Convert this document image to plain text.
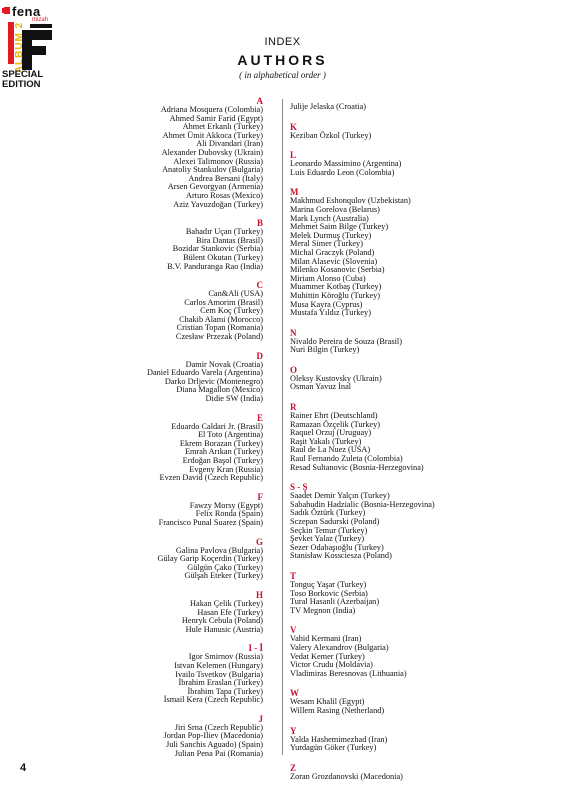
fena
mizah
ALBUM 2
SPECIAL
EDITION
INDEX
AUTHORS
( in alphabetical order )
A
Adriana Mosquera (Colombia)
Ahmed Samir Farid (Egypt)
Ahmet Erkanlı (Turkey)
Ahmet Ümit Akkoca (Turkey)
Ali Divandari (Iran)
Alexander Dubovsky (Ukrain)
Alexei Talimonov (Russia)
Anatoliy Stankulov (Bulgaria)
Andrea Bersani (Italy)
Arsen Gevorgyan (Armenia)
Arturo Rosas (Mexico)
Aziz Yavuzdoğan (Turkey)
B
Bahadır Uçan (Turkey)
Bira Dantas (Brasil)
Bozidar Stankovic (Serbia)
Bülent Okutan (Turkey)
B.V. Panduranga Rao (India)
C
Can&Ali (USA)
Carlos Amorim (Brasil)
Cem Koç (Turkey)
Chakib Alami (Morocco)
Cristian Topan (Romania)
Czesław Przezak (Poland)
D
Damir Novak (Croatia)
Daniel Eduardo Varela (Argentina)
Darko Drljevic (Montenegro)
Diana Magallon (Mexico)
Didie SW (India)
E
Eduardo Caldari Jr. (Brasil)
El Toto (Argentina)
Ekrem Borazan (Turkey)
Emrah Arıkan (Turkey)
Erdoğan Başol (Turkey)
Evgeny Kran (Russia)
Evzen David (Czech Republic)
F
Fawzy Morsy (Egypt)
Felix Ronda (Spain)
Francisco Punal Suarez (Spain)
G
Galina Pavlova (Bulgaria)
Gülay Garip Koçerdin (Turkey)
Gülgün Çako (Turkey)
Gülşah Etеker (Turkey)
H
Hakan Çelik (Turkey)
Hasan Efe (Turkey)
Henryk Cebula (Poland)
Hule Hanusic (Austria)
I - İ
Igor Smirnov (Russia)
Istvan Kelemen (Hungary)
Ivailo Tsvetkov (Bulgaria)
İbrahim Eraslan (Turkey)
İbrahim Tapa (Turkey)
İsmail Kera (Czech Republic)
J
Jiri Srna (Czech Republic)
Jordan Pop-Iliev (Macedonia)
Juli Sanchis Aguado) (Spain)
Julian Pena Pai (Romania)
Julije Jelaska (Croatia)
K
Keziban Özkol (Turkey)
L
Leonardo Massimino (Argentina)
Luis Eduardo Leon (Colombia)
M
Makhmud Eshonqulov (Uzbekistan)
Marina Gorelova (Belarus)
Mark Lynch (Australia)
Mehmet Saim Bilge (Turkey)
Melek Durmuş (Turkey)
Meral Simer (Turkey)
Michal Graczyk (Poland)
Milan Alasevic (Slovenia)
Milenko Kosanovic (Serbia)
Miriam Alonso (Cuba)
Muammer Kotbaş (Turkey)
Muhittin Köroğlu (Turkey)
Musa Kayra (Cyprus)
Mustafa Yıldız (Turkey)
N
Nivaldo Pereira de Souza (Brasil)
Nuri Bilgin (Turkey)
O
Oleksy Kustovsky (Ukrain)
Osman Yavuz İnal
R
Rainer Ehrt (Deutschland)
Ramazan Özçelik (Turkey)
Raquel Orzuj (Uruguay)
Raşit Yakalı (Turkey)
Raul de La Nuez (USA)
Raul Fernando Zuleta (Colombia)
Resad Sultanovic (Bosnia-Herzegovina)
S - Ş
Saadet Demir Yalçın (Turkey)
Sabahudin Hadzialic (Bosnia-Herzegovina)
Sadık Öztürk (Turkey)
Sczepan Sadurski (Poland)
Seçkin Temur (Turkey)
Şevket Yalaz (Turkey)
Sezer Odabaşıoğlu (Turkey)
Stanisław Kossciesza (Poland)
T
Tonguç Yaşar (Turkey)
Toso Borkovic (Serbia)
Tural Hasanli (Azerbaijan)
TV Megnon (India)
V
Vahid Kermani (Iran)
Valery Alexandrov (Bulgaria)
Vedat Kemer (Turkey)
Victor Crudu (Moldavia)
Vladimiras Beresnovas (Lithuania)
W
Wesam Khalil (Egypt)
Willem Rasing (Netherland)
Y
Yalda Hashemimezhad (Iran)
Yurdagün Göker (Turkey)
Z
Zoran Grozdanovski (Macedonia)
4
